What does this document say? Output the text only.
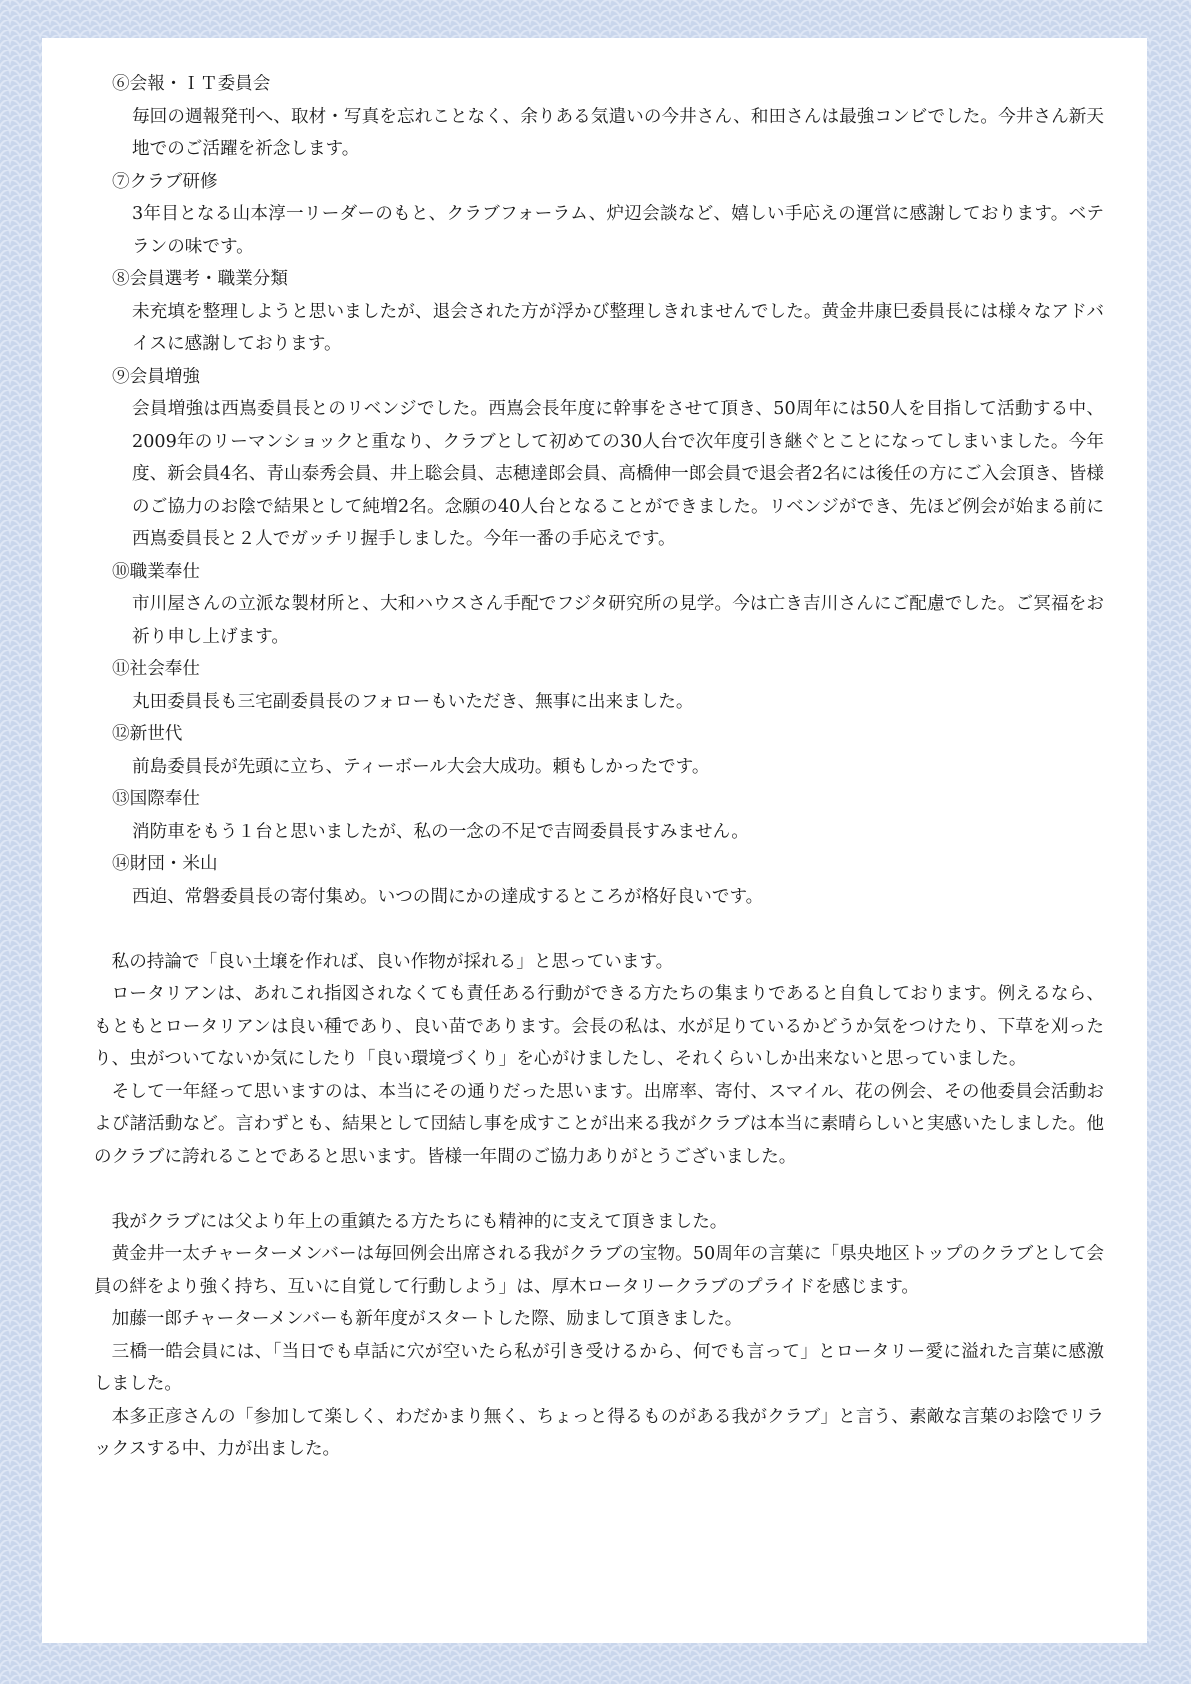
⑥会報・ＩＴ委員会
毎回の週報発刊へ、取材・写真を忘れことなく、余りある気遣いの今井さん、和田さんは最強コンビでした。今井さん新天地でのご活躍を祈念します。
⑦クラブ研修
3年目となる山本淳一リーダーのもと、クラブフォーラム、炉辺会談など、嬉しい手応えの運営に感謝しております。ベテランの味です。
⑧会員選考・職業分類
未充填を整理しようと思いましたが、退会された方が浮かび整理しきれませんでした。黄金井康巳委員長には様々なアドバイスに感謝しております。
⑨会員増強
会員増強は西嶌委員長とのリベンジでした。西嶌会長年度に幹事をさせて頂き、50周年には50人を目指して活動する中、2009年のリーマンショックと重なり、クラブとして初めての30人台で次年度引き継ぐとことになってしまいました。今年度、新会員4名、青山泰秀会員、井上聡会員、志穂達郎会員、高橋伸一郎会員で退会者2名には後任の方にご入会頂き、皆様のご協力のお陰で結果として純増2名。念願の40人台となることができました。リベンジができ、先ほど例会が始まる前に西嶌委員長と２人でガッチリ握手しました。今年一番の手応えです。
⑩職業奉仕
市川屋さんの立派な製材所と、大和ハウスさん手配でフジタ研究所の見学。今は亡き吉川さんにご配慮でした。ご冥福をお祈り申し上げます。
⑪社会奉仕
丸田委員長も三宅副委員長のフォローもいただき、無事に出来ました。
⑫新世代
前島委員長が先頭に立ち、ティーボール大会大成功。頼もしかったです。
⑬国際奉仕
消防車をもう１台と思いましたが、私の一念の不足で吉岡委員長すみません。
⑭財団・米山
西迫、常磐委員長の寄付集め。いつの間にかの達成するところが格好良いです。
私の持論で「良い土壌を作れば、良い作物が採れる」と思っています。
ロータリアンは、あれこれ指図されなくても責任ある行動ができる方たちの集まりであると自負しております。例えるなら、もともとロータリアンは良い種であり、良い苗であります。会長の私は、水が足りているかどうか気をつけたり、下草を刈ったり、虫がついてないか気にしたり「良い環境づくり」を心がけましたし、それくらいしか出来ないと思っていました。
そして一年経って思いますのは、本当にその通りだった思います。出席率、寄付、スマイル、花の例会、その他委員会活動および諸活動など。言わずとも、結果として団結し事を成すことが出来る我がクラブは本当に素晴らしいと実感いたしました。他のクラブに誇れることであると思います。皆様一年間のご協力ありがとうございました。
我がクラブには父より年上の重鎮たる方たちにも精神的に支えて頂きました。
黄金井一太チャーターメンバーは毎回例会出席される我がクラブの宝物。50周年の言葉に「県央地区トップのクラブとして会員の絆をより強く持ち、互いに自覚して行動しよう」は、厚木ロータリークラブのプライドを感じます。
加藤一郎チャーターメンバーも新年度がスタートした際、励まして頂きました。
三橋一皓会員には、「当日でも卓話に穴が空いたら私が引き受けるから、何でも言って」とロータリー愛に溢れた言葉に感激しました。
本多正彦さんの「参加して楽しく、わだかまり無く、ちょっと得るものがある我がクラブ」と言う、素敵な言葉のお陰でリラックスする中、力が出ました。
